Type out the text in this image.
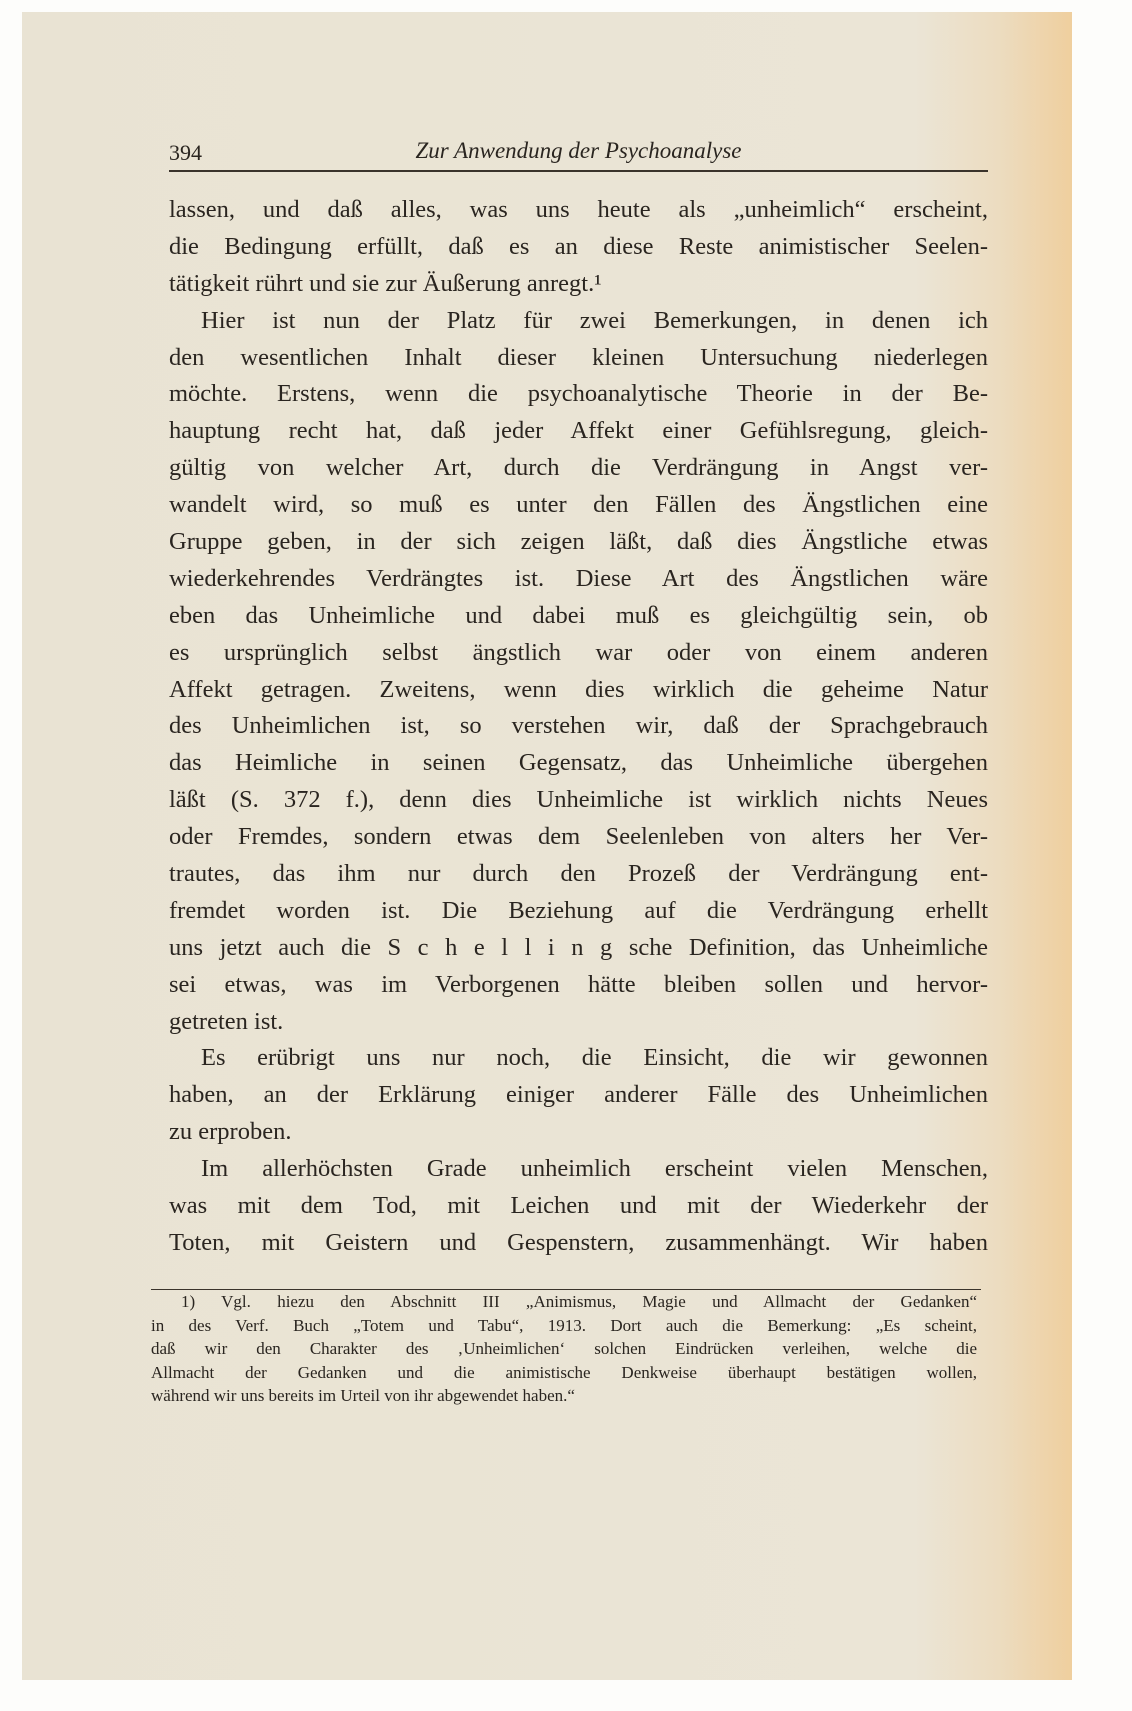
394	Zur Anwendung der Psychoanalyse
lassen, und daß alles, was uns heute als „unheimlich“ erscheint,
die Bedingung erfüllt, daß es an diese Reste animistischer Seelen-
tätigkeit rührt und sie zur Äußerung anregt.¹
Hier ist nun der Platz für zwei Bemerkungen, in denen ich
den wesentlichen Inhalt dieser kleinen Untersuchung niederlegen
möchte. Erstens, wenn die psychoanalytische Theorie in der Be-
hauptung recht hat, daß jeder Affekt einer Gefühlsregung, gleich-
gültig von welcher Art, durch die Verdrängung in Angst ver-
wandelt wird, so muß es unter den Fällen des Ängstlichen eine
Gruppe geben, in der sich zeigen läßt, daß dies Ängstliche etwas
wiederkehrendes Verdrängtes ist. Diese Art des Ängstlichen wäre
eben das Unheimliche und dabei muß es gleichgültig sein, ob
es ursprünglich selbst ängstlich war oder von einem anderen
Affekt getragen. Zweitens, wenn dies wirklich die geheime Natur
des Unheimlichen ist, so verstehen wir, daß der Sprachgebrauch
das Heimliche in seinen Gegensatz, das Unheimliche übergehen
läßt (S. 372 f.), denn dies Unheimliche ist wirklich nichts Neues
oder Fremdes, sondern etwas dem Seelenleben von alters her Ver-
trautes, das ihm nur durch den Prozeß der Verdrängung ent-
fremdet worden ist. Die Beziehung auf die Verdrängung erhellt
uns jetzt auch die S c h e l l i n g sche Definition, das Unheimliche
sei etwas, was im Verborgenen hätte bleiben sollen und hervor-
getreten ist.
Es erübrigt uns nur noch, die Einsicht, die wir gewonnen
haben, an der Erklärung einiger anderer Fälle des Unheimlichen
zu erproben.
Im allerhöchsten Grade unheimlich erscheint vielen Menschen,
was mit dem Tod, mit Leichen und mit der Wiederkehr der
Toten, mit Geistern und Gespenstern, zusammenhängt. Wir haben
1) Vgl. hiezu den Abschnitt III „Animismus, Magie und Allmacht der Gedanken“
in des Verf. Buch „Totem und Tabu“, 1913. Dort auch die Bemerkung: „Es scheint,
daß wir den Charakter des ‚Unheimlichen‘ solchen Eindrücken verleihen, welche die
Allmacht der Gedanken und die animistische Denkweise überhaupt bestätigen wollen,
während wir uns bereits im Urteil von ihr abgewendet haben.“
